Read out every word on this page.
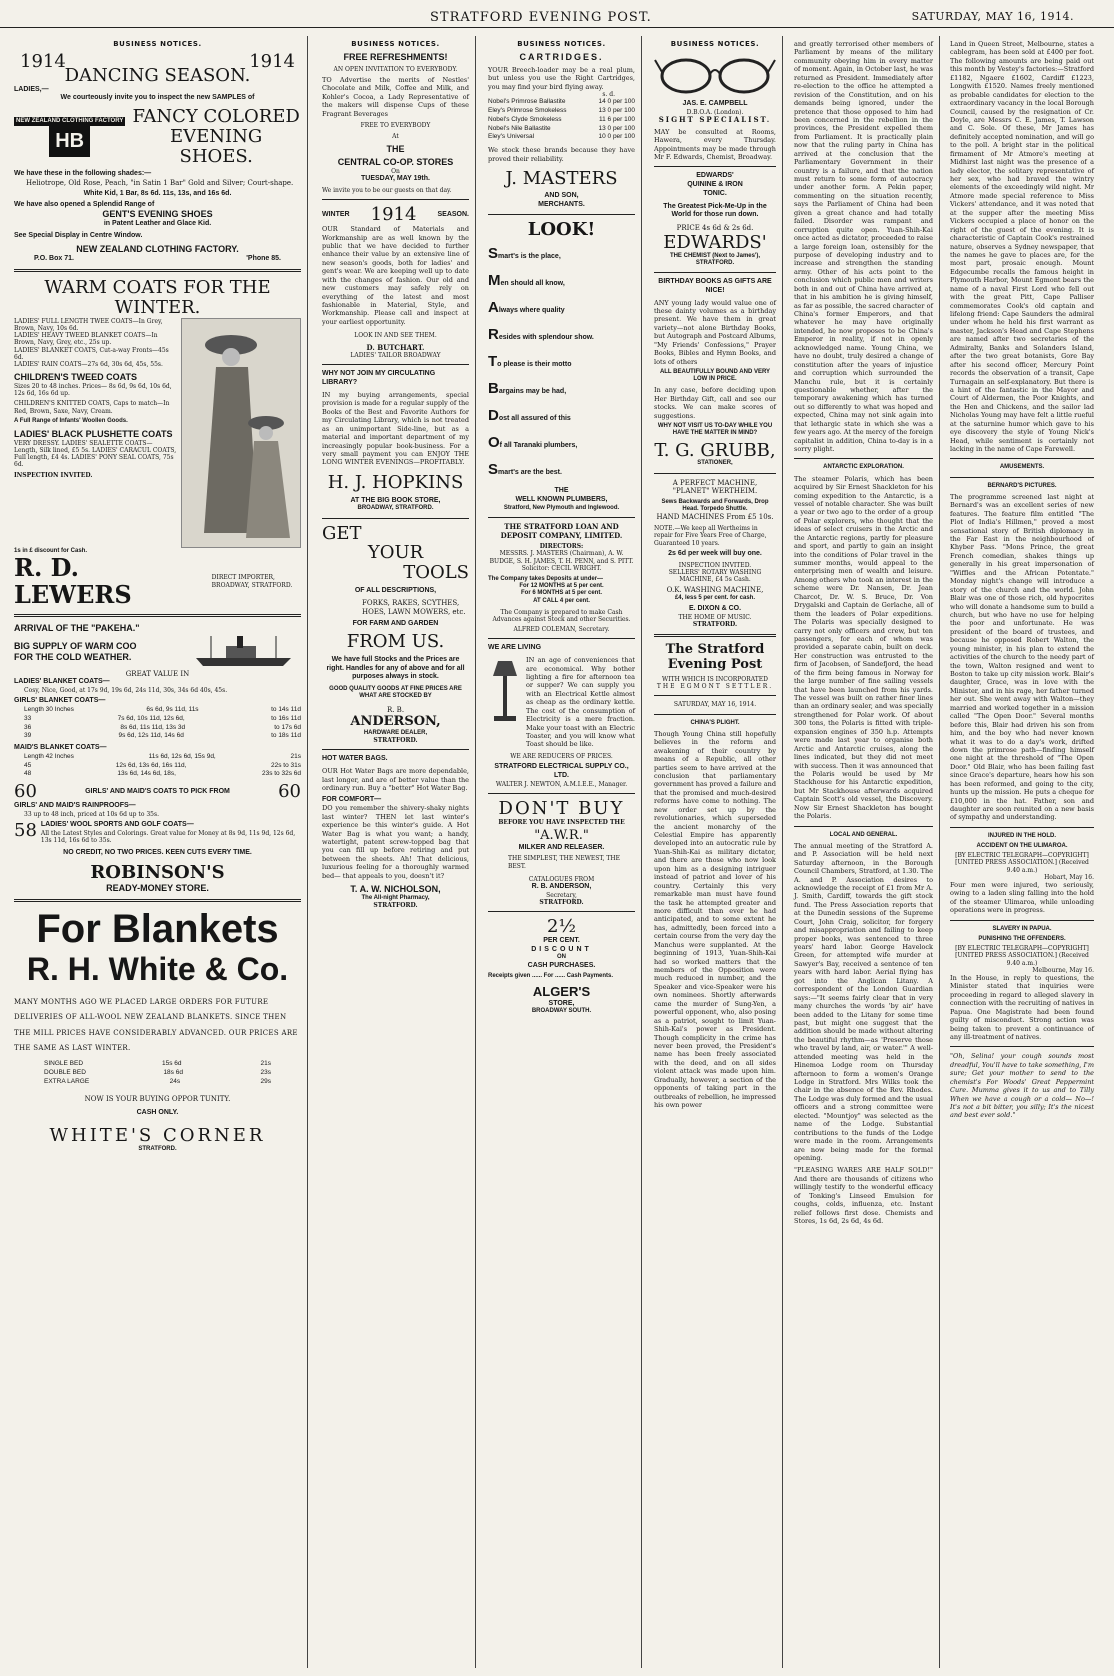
STRATFORD EVENING POST.	SATURDAY, MAY 16, 1914.
BUSINESS NOTICES.
1914	1914
DANCING SEASON.
LADIES,—
We courteously invite you to inspect the new SAMPLES of
NEW ZEALAND CLOTHING FACTORY
HB
FANCY COLORED EVENING SHOES.
We have these in the following shades:—
Heliotrope, Old Rose, Peach, "in Satin 1 Bar" Gold and Silver; Court-shape.
White Kid, 1 Bar, 8s 6d. 11s, 13s, and 16s 6d.
We have also opened a Splendid Range of
GENT'S EVENING SHOES
in Patent Leather and Glace Kid.
See Special Display in Centre Window.
NEW ZEALAND CLOTHING FACTORY.
P.O. Box 71.	'Phone 85.
WARM COATS FOR THE WINTER.
LADIES' FULL LENGTH TWEE COATS—In Grey, Brown, Navy, 10s 6d.
LADIES' HEAVY TWEED BLANKET COATS—In Brown, Navy, Grey, etc., 25s up.
LADIES' BLANKET COATS, Cut-a-way Fronts—45s 6d.
LADIES' RAIN COATS—27s 6d, 30s 6d, 45s, 55s.
CHILDREN'S TWEED COATS
Sizes 20 to 48 inches. Prices— 8s 6d, 9s 6d, 10s 6d, 12s 6d, 16s 6d up.
CHILDREN'S KNITTED COATS, Caps to match—In Red, Brown, Saxe, Navy, Cream.
A Full Range of Infants' Woollen Goods.
LADIES' BLACK PLUSHETTE COATS
VERY DRESSY. LADIES' SEALETTE COATS— Length, Silk lined, £5 5s. LADIES' CARACUL COATS, Full length, £4 4s. LADIES' PONY SEAL COATS, 75s 6d.
INSPECTION INVITED.
1s in £ discount for Cash.
R. D. LEWERS
DIRECT IMPORTER, BROADWAY, STRATFORD.
ARRIVAL OF THE "PAKEHA."
BIG SUPPLY OF WARM COO
FOR THE COLD WEATHER.
GREAT VALUE IN
LADIES' BLANKET COATS—
Cosy, Nice, Good, at 17s 9d, 19s 6d, 24s 11d, 30s, 34s 6d 40s, 45s.
GIRLS' BLANKET COATS—
Length 30 Inches	6s 6d, 9s 11d, 11s	to 14s 11d
33	7s 6d, 10s 11d, 12s 6d,	to 16s 11d
36	8s 6d, 11s 11d, 13s 3d	to 17s 6d
39	9s 6d, 12s 11d, 14s 6d	to 18s 11d
MAID'S BLANKET COATS—
Length 42 Inches	11s 6d, 12s 6d, 15s 9d,	21s
45	12s 6d, 13s 6d, 16s 11d,	22s to 31s
48	13s 6d, 14s 6d, 18s,	23s to 32s 6d
60	GIRLS' AND MAID'S COATS TO PICK FROM	60
GIRLS' AND MAID'S RAINPROOFS—
33 up to 48 inch, priced at 10s 6d up to 35s.
58 LADIES' WOOL SPORTS AND GOLF COATS—
All the Latest Styles and Colorings. Great value for Money at 8s 9d, 11s 9d, 12s 6d, 13s 11d, 16s 6d to 35s.
NO CREDIT, NO TWO PRICES. KEEN CUTS EVERY TIME.
ROBINSON'S
READY-MONEY STORE.
For Blankets
R. H. White & Co.
MANY MONTHS AGO WE PLACED LARGE ORDERS FOR FUTURE DELIVERIES OF ALL-WOOL NEW ZEALAND BLANKETS. SINCE THEN THE MILL PRICES HAVE CONSIDERABLY ADVANCED. OUR PRICES ARE THE SAME AS LAST WINTER.
SINGLE BED	15s 6d	21s
DOUBLE BED	18s 6d	23s
EXTRA LARGE	24s	29s
NOW IS YOUR BUYING OPPOR TUNITY.
CASH ONLY.
WHITE'S CORNER
STRATFORD.
BUSINESS NOTICES.
FREE REFRESHMENTS!
AN OPEN INVITATION TO EVERYBODY.
TO Advertise the merits of Nestles' Chocolate and Milk, Coffee and Milk, and Kohler's Cocoa, a Lady Representative of the makers will dispense Cups of these Fragrant Beverages
FREE TO EVERYBODY
At
THE
CENTRAL CO-OP. STORES
On
TUESDAY, MAY 19th.
We invite you to be our guests on that day.
WINTER 1914	SEASON.
OUR Standard of Materials and Workmanship are as well known by the public that we have decided to further enhance their value by an extensive line of new season's goods, both for ladies' and gent's wear. We are keeping well up to date with the changes of fashion. Our old and new customers may safely rely on everything of the latest and most fashionable in Material, Style, and Workmanship. Please call and inspect at your earliest opportunity.
LOOK IN AND SEE THEM.
D. BUTCHART.
LADIES' TAILOR BROADWAY
WHY NOT JOIN MY CIRCULATING LIBRARY?
IN my buying arrangements, special provision is made for a regular supply of the Books of the Best and Favorite Authors for my Circulating Library, which is not treated as an unimportant Side-line, but as a material and important department of my increasingly popular book-business. For a very small payment you can ENJOY THE LONG WINTER EVENINGS—PROFITABLY.
H. J. HOPKINS
AT THE BIG BOOK STORE,
BROADWAY, STRATFORD.
GET
YOUR
TOOLS
OF ALL DESCRIPTIONS,
FORKS, RAKES, SCYTHES, HOES, LAWN MOWERS, etc.
FOR FARM AND GARDEN
FROM US.
We have full Stocks and the Prices are right. Handles for any of above and for all purposes always in stock.
GOOD QUALITY GOODS AT FINE PRICES ARE WHAT ARE STOCKED BY
R. B.
ANDERSON,
HARDWARE DEALER,
STRATFORD.
HOT WATER BAGS.
OUR Hot Water Bags are more dependable, last longer, and are of better value than the ordinary run. Buy a "better" Hot Water Bag.
FOR COMFORT—
DO you remember the shivery-shaky nights last winter? THEN let last winter's experience be this winter's guide. A Hot Water Bag is what you want; a handy, watertight, patent screw-topped bag that you can fill up before retiring and put between the sheets. Ah! That delicious, luxurious feeling for a thoroughly warmed bed— that appeals to you, doesn't it?
T. A. W. NICHOLSON,
The All-night Pharmacy,
STRATFORD.
BUSINESS NOTICES.
CARTRIDGES.
YOUR Breech-loader may be a real plum, but unless you use the Right Cartridges, you may find your bird flying away.
s. d.
Nobel's Primrose Ballastite	14 0 per 100
Eley's Primrose Smokeless	13 0 per 100
Nobel's Clyde Smokeless	11 6 per 100
Nobel's Nile Ballastite	13 0 per 100
Eley's Universal	10 0 per 100
We stock these brands because they have proved their reliability.
J. MASTERS
AND SON,
MERCHANTS.
LOOK!
Smart's is the place,
Men should all know,
Always where quality
Resides with splendour show.
To please is their motto
Bargains may be had,
Dost all assured of this
Of all Taranaki plumbers,
Smart's are the best.
THE
WELL KNOWN PLUMBERS,
Stratford, New Plymouth and Inglewood.
THE STRATFORD LOAN AND DEPOSIT COMPANY, LIMITED.
DIRECTORS:
MESSRS. J. MASTERS (Chairman), A. W. BUDGE, S. H. JAMES, T. H. PENN, and S. PITT.
Solicitor: CECIL WRIGHT.
The Company takes Deposits at under—
For 12 MONTHS at 5 per cent.
For 6 MONTHS at 5 per cent.
AT CALL 4 per cent.
The Company is prepared to make Cash Advances against Stock and other Securities.
ALFRED COLEMAN, Secretary.
WE ARE LIVING
IN an age of conveniences that are economical. Why bother lighting a fire for afternoon tea or supper? We can supply you with an Electrical Kettle almost as cheap as the ordinary kettle. The cost of the consumption of Electricity is a mere fraction. Make your toast with an Electric Toaster, and you will know what Toast should be like.
WE ARE REDUCERS OF PRICES.
STRATFORD ELECTRICAL SUPPLY CO., LTD.
WALTER J. NEWTON, A.M.I.E.E., Manager.
DON'T BUY
BEFORE YOU HAVE INSPECTED THE
"A.W.R."
MILKER AND RELEASER.
THE SIMPLEST, THE NEWEST, THE BEST.
CATALOGUES FROM
R. B. ANDERSON,
Secretary,
STRATFORD.
2½
PER CENT.
DISCOUNT
ON
CASH PURCHASES.
Receipts given ...... For ...... Cash Payments.
ALGER'S
STORE,
BROADWAY SOUTH.
BUSINESS NOTICES.
JAS. E. CAMPBELL
D.B.O.A. (London).
SIGHT SPECIALIST.
MAY be consulted at Rooms, Hawera, every Thursday. Appointments may be made through Mr F. Edwards, Chemist, Broadway.
EDWARDS'
QUININE & IRON
TONIC.
The Greatest Pick-Me-Up in the World for those run down.
PRICE 4s 6d & 2s 6d.
EDWARDS'
THE CHEMIST (Next to James'), STRATFORD.
BIRTHDAY BOOKS AS GIFTS ARE NICE!
ANY young lady would value one of these dainty volumes as a birthday present. We have them in great variety—not alone Birthday Books, but Autograph and Postcard Albums, "My Friends' Confessions," Prayer Books, Bibles and Hymn Books, and lots of others
ALL BEAUTIFULLY BOUND AND VERY LOW IN PRICE.
In any case, before deciding upon Her Birthday Gift, call and see our stocks. We can make scores of suggestions.
WHY NOT VISIT US TO-DAY WHILE YOU HAVE THE MATTER IN MIND?
T. G. GRUBB,
STATIONER,
A PERFECT MACHINE, "PLANET" WERTHEIM.
Sews Backwards and Forwards, Drop Head. Torpedo Shuttle.
HAND MACHINES From £5 10s.
NOTE.—We keep all Wertheims in repair for Five Years Free of Charge, Guaranteed 10 years.
2s 6d per week will buy one.
INSPECTION INVITED.
SELLERS' ROTARY WASHING MACHINE, £4 5s Cash.
O.K. WASHING MACHINE,
£4, less 5 per cent. for cash.
E. DIXON & CO.
THE HOME OF MUSIC.
STRATFORD.
The Stratford Evening Post
WITH WHICH IS INCORPORATED
THE EGMONT SETTLER.
SATURDAY, MAY 16, 1914.
CHINA'S PLIGHT.
Though Young China still hopefully believes in the reform and awakening of their country by means of a Republic, all other parties seem to have arrived at the conclusion that parliamentary government has proved a failure and that the promised and much-desired reforms have come to nothing. The new order set up by the revolutionaries, which superseded the ancient monarchy of the Celestial Empire has apparently developed into an autocratic rule by Yuan-Shih-Kai as military dictator, and there are those who now look upon him as a designing intriguer instead of patriot and lover of his country. Certainly this very remarkable man must have found the task he attempted greater and more difficult than ever he had anticipated, and to some extent he has, admittedly, been forced into a certain course from the very day the Manchus were supplanted. At the beginning of 1913, Yuan-Shih-Kai had so worked matters that the members of the Opposition were much reduced in number, and the Speaker and vice-Speaker were his own nominees. Shortly afterwards came the murder of Sung-Yen, a powerful opponent, who, also posing as a patriot, sought to limit Yuan-Shih-Kai's power as President. Though complicity in the crime has never been proved, the President's name has been freely associated with the deed, and on all sides violent attack was made upon him. Gradually, however, a section of the opponents of taking part in the outbreaks of rebellion, he impressed his own power
and greatly terrorised other members of Parliament by means of the military community obeying him in every matter of moment. Again, in October last, he was returned as President. Immediately after re-election to the office he attempted a revision of the Constitution, and on his demands being ignored, under the pretence that those opposed to him had been concerned in the rebellion in the provinces, the President expelled them from Parliament. It is practically plain now that the ruling party in China has arrived at the conclusion that the Parliamentary Government in their country is a failure, and that the nation must return to some form of autocracy under another form. A Pekin paper, commenting on the situation recently, says the Parliament of China had been given a great chance and had totally failed. Disorder was rampant and corruption quite open. Yuan-Shih-Kai once acted as dictator, proceeded to raise a large foreign loan, ostensibly for the purpose of developing industry and to increase and strengthen the standing army. Other of his acts point to the conclusion which public men and writers both in and out of China have arrived at, that in his ambition he is giving himself, as far as possible, the sacred character of China's former Emperors, and that whatever he may have originally intended, he now proposes to be China's Emperor in reality, if not in openly acknowledged name. Young China, we have no doubt, truly desired a change of constitution after the years of injustice and corruption which surrounded the Manchu rule, but it is certainly questionable whether, after the temporary awakening which has turned out so differently to what was hoped and expected, China may not sink again into that lethargic state in which she was a few years ago. At the mercy of the foreign capitalist in addition, China to-day is in a sorry plight.
ANTARCTIC EXPLORATION.
The steamer Polaris, which has been acquired by Sir Ernest Shackleton for his coming expedition to the Antarctic, is a vessel of notable character. She was built a year or two ago to the order of a group of Polar explorers, who thought that the ideas of select cruisers in the Arctic and the Antarctic regions, partly for pleasure and sport, and partly to gain an insight into the conditions of Polar travel in the summer months, would appeal to the enterprising men of wealth and leisure. Among others who took an interest in the scheme were Dr. Nansen, Dr. Jean Charcot, Dr. W. S. Bruce, Dr. Von Drygalski and Captain de Gerlache, all of them the leaders of Polar expeditions. The Polaris was specially designed to carry not only officers and crew, but ten passengers, for each of whom was provided a separate cabin, built on deck. Her construction was entrusted to the firm of Jacobsen, of Sandefjord, the head of the firm being famous in Norway for the large number of fine sailing vessels that have been launched from his yards. The vessel was built on rather finer lines than an ordinary sealer, and was specially strengthened for Polar work. Of about 300 tons, the Polaris is fitted with triple-expansion engines of 350 h.p. Attempts were made last year to organise both Arctic and Antarctic cruises, along the lines indicated, but they did not meet with success. Then it was announced that the Polaris would be used by Mr Stackhouse for his Antarctic expedition, but Mr Stackhouse afterwards acquired Captain Scott's old vessel, the Discovery. Now Sir Ernest Shackleton has bought the Polaris.
LOCAL AND GENERAL.
The annual meeting of the Stratford A. and P. Association will be held next Saturday afternoon, in the Borough Council Chambers, Stratford, at 1.30. The A. and P. Association desires to acknowledge the receipt of £1 from Mr A. J. Smith, Cardiff, towards the gift stock fund. The Press Association reports that at the Dunedin sessions of the Supreme Court, John Craig, solicitor, for forgery and misappropriation and failing to keep proper books, was sentenced to three years' hard labor. George Havelock Green, for attempted wife murder at Sawyer's Bay, received a sentence of ten years with hard labor. Aerial flying has got into the Anglican Litany. A correspondent of the London Guardian says:—"It seems fairly clear that in very many churches the words 'by air' have been added to the Litany for some time past, but might one suggest that the addition should be made without altering the beautiful rhythm—as 'Preserve those who travel by land, air, or water.'" A well-attended meeting was held in the Hinemoa Lodge room on Thursday afternoon to form a women's Orange Lodge in Stratford. Mrs Wilks took the chair in the absence of the Rev. Rhodes. The Lodge was duly formed and the usual officers and a strong committee were elected. "Mountjoy" was selected as the name of the Lodge. Substantial contributions to the funds of the Lodge were made in the room. Arrangements are now being made for the formal opening.
"PLEASING WARES ARE HALF SOLD!" And there are thousands of citizens who willingly testify to the wonderful efficacy of Tonking's Linseed Emulsion for coughs, colds, influenza, etc. Instant relief follows first dose. Chemists and Stores, 1s 6d, 2s 6d, 4s 6d.
Land in Queen Street, Melbourne, states a cablegram, has been sold at £400 per foot. The following amounts are being paid out this month by Vestey's factories:—Stratford £1182, Ngaere £1602, Cardiff £1223, Longwith £1520. Names freely mentioned as probable candidates for election to the extraordinary vacancy in the local Borough Council, caused by the resignation of Cr. Doyle, are Messrs C. E. James, T. Lawson and C. Sole. Of these, Mr James has definitely accepted nomination, and will go to the poll. A bright star in the political firmament of Mr Atmore's meeting at Midhirst last night was the presence of a lady elector, the solitary representative of her sex, who had braved the wintry elements of the exceedingly wild night. Mr Atmore made special reference to Miss Vickers' attendance, and it was noted that at the supper after the meeting Miss Vickers occupied a place of honor on the right of the guest of the evening. It is characteristic of Captain Cook's restrained nature, observes a Sydney newspaper, that the names he gave to places are, for the most part, prosaic enough. Mount Edgecumbe recalls the famous height in Plymouth Harbor, Mount Egmont bears the name of a naval First Lord who fell out with the great Pitt, Cape Palliser commemorates Cook's old captain and lifelong friend: Cape Saunders the admiral under whom he held his first warrant as master, Jackson's Head and Cape Stephens are named after two secretaries of the Admiralty, Banks and Solanders Island, after the two great botanists, Gore Bay after his second officer, Mercury Point records the observation of a transit, Cape Turnagain an self-explanatory. But there is a hint of the fantastic in the Mayor and Court of Aldermen, the Poor Knights, and the Hen and Chickens, and the sailor lad Nicholas Young may have felt a little rueful at the saturnine humor which gave to his eye discovery the style of Young Nick's Head, while sentiment is certainly not lacking in the name of Cape Farewell.
AMUSEMENTS.
BERNARD'S PICTURES.
The programme screened last night at Bernard's was an excellent series of new features. The feature film entitled "The Plot of India's Hillmen," proved a most sensational story of British diplomacy in the Far East in the neighbourhood of Khyber Pass. "Mons Prince, the great French comedian, shakes things up generally in his great impersonation of "Wiffles and the African Potentate." Monday night's change will introduce a story of the church and the world. John Blair was one of those rich, old hypocrites who will donate a handsome sum to build a church, but who have no use for helping the poor and unfortunate. He was president of the board of trustees, and because he opposed Robert Walton, the young minister, in his plan to extend the activities of the church to the needy part of the town, Walton resigned and went to Boston to take up city mission work. Blair's daughter, Grace, was in love with the Minister, and in his rage, her father turned her out. She went away with Walton—they married and worked together in a mission called "The Open Door." Several months before this, Blair had driven his son from him, and the boy who had never known what it was to do a day's work, drifted down the primrose path—finding himself one night at the threshold of "The Open Door." Old Blair, who has been failing fast since Grace's departure, hears how his son has been reformed, and going to the city, hunts up the mission. He puts a cheque for £10,000 in the hat. Father, son and daughter are soon reunited on a new basis of sympathy and understanding.
INJURED IN THE HOLD.
ACCIDENT ON THE ULIMAROA.
[BY ELECTRIC TELEGRAPH—COPYRIGHT] [UNITED PRESS ASSOCIATION.] (Received 9.40 a.m.)
Hobart, May 16.
Four men were injured, two seriously, owing to a laden sling falling into the hold of the steamer Ulimaroa, while unloading operations were in progress.
SLAVERY IN PAPUA.
PUNISHING THE OFFENDERS.
[BY ELECTRIC TELEGRAPH—COPYRIGHT] [UNITED PRESS ASSOCIATION.] (Received 9.40 a.m.)
Melbourne, May 16.
In the House, in reply to questions, the Minister stated that inquiries were proceeding in regard to alleged slavery in connection with the recruiting of natives in Papua. One Magistrate had been found guilty of misconduct. Strong action was being taken to prevent a continuance of any ill-treatment of natives.
"Oh, Selina! your cough sounds most dreadful, You'll have to take something, I'm sure; Get your mother to send to the chemist's For Woods' Great Peppermint Cure. Mumma gives it to us and to Tilly When we have a cough or a cold— No—! It's not a bit bitter, you silly; It's the nicest and best ever sold."
